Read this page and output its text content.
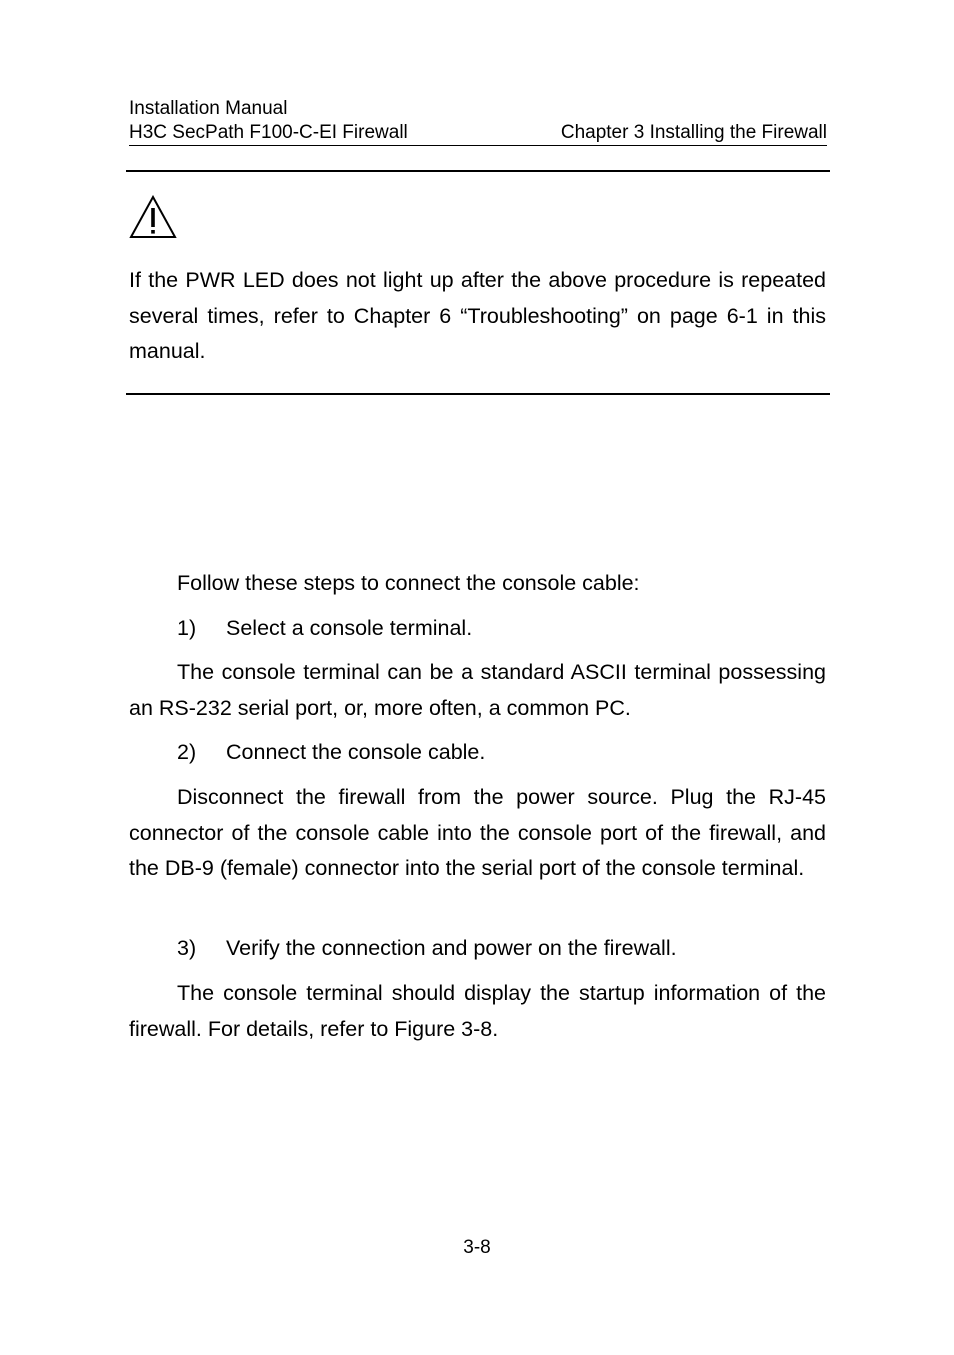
Installation Manual
H3C SecPath F100-C-EI Firewall	Chapter 3 Installing the Firewall

If the PWR LED does not light up after the above procedure is repeated several times, refer to Chapter 6 “Troubleshooting” on page 6-1 in this manual.

Follow these steps to connect the console cable:

1) Select a console terminal.

The console terminal can be a standard ASCII terminal possessing an RS-232 serial port, or, more often, a common PC.

2) Connect the console cable.

Disconnect the firewall from the power source. Plug the RJ-45 connector of the console cable into the console port of the firewall, and the DB-9 (female) connector into the serial port of the console terminal.

3) Verify the connection and power on the firewall.

The console terminal should display the startup information of the firewall. For details, refer to Figure 3-8.

3-8
